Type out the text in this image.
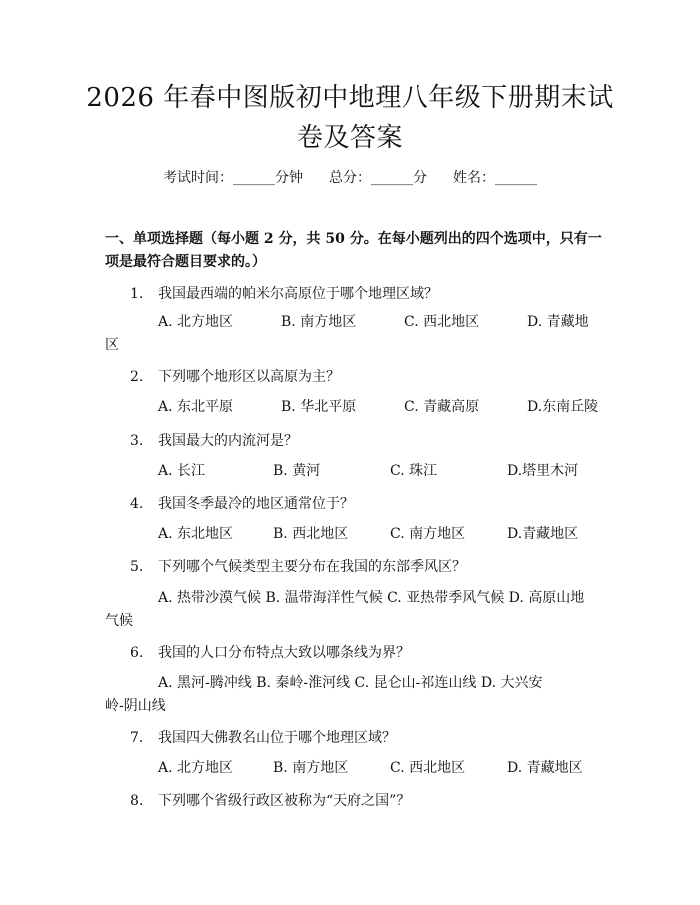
2026 年春中图版初中地理八年级下册期末试
卷及答案
考试时间：______分钟 总分：______分 姓名：______
一、单项选择题（每小题 2 分，共 50 分。在每小题列出的四个选项中，只有一项是最符合题目要求的。）
1. 我国最西端的帕米尔高原位于哪个地理区域？
A. 北方地区	B. 南方地区	C. 西北地区	D. 青藏地
区
2. 下列哪个地形区以高原为主？
A. 东北平原	B. 华北平原	C. 青藏高原	D.东南丘陵
3. 我国最大的内流河是？
A. 长江	B. 黄河	C. 珠江	D.塔里木河
4. 我国冬季最冷的地区通常位于？
A. 东北地区	B. 西北地区	C. 南方地区	D.青藏地区
5. 下列哪个气候类型主要分布在我国的东部季风区？
A. 热带沙漠气候 B. 温带海洋性气候 C. 亚热带季风气候 D. 高原山地
气候
6. 我国的人口分布特点大致以哪条线为界？
A. 黑河-腾冲线 B. 秦岭-淮河线 C. 昆仑山-祁连山线 D. 大兴安
岭-阴山线
7. 我国四大佛教名山位于哪个地理区域？
A. 北方地区	B. 南方地区	C. 西北地区	D. 青藏地区
8. 下列哪个省级行政区被称为“天府之国”？
